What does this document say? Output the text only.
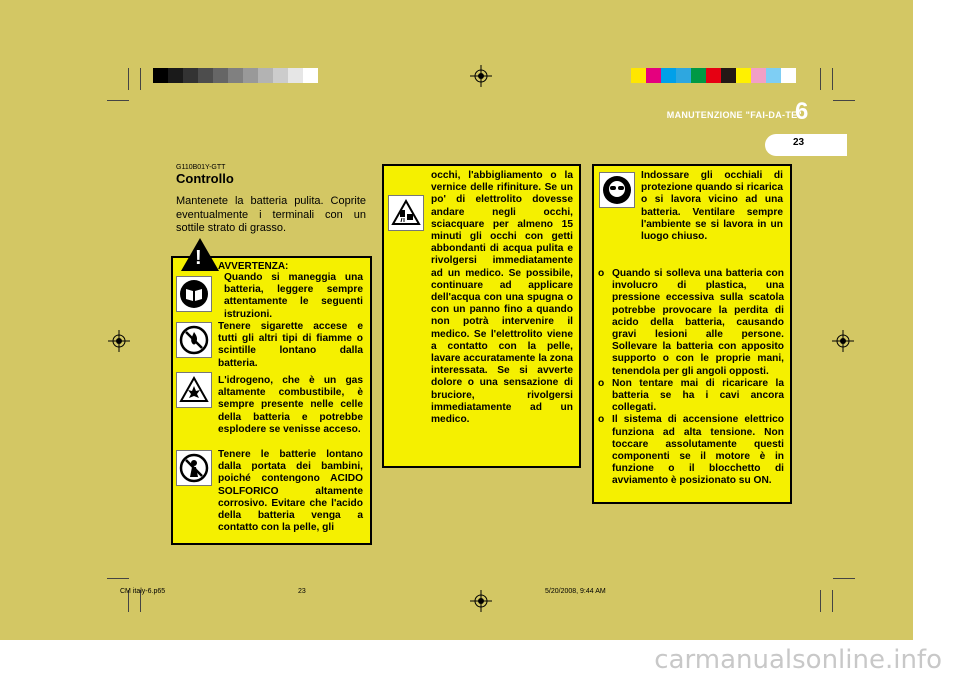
MANUTENZIONE "FAI-DA-TE"
6
23
G110B01Y-GTT
Controllo
Mantenete la batteria pulita. Coprite eventualmente i terminali con un sottile strato di grasso.
! AVVERTENZA:
Quando si maneggia una batteria, leggere sempre attentamente le seguenti istruzioni.
Tenere sigarette accese e tutti gli altri tipi di fiamme o scintille lontano dalla batteria.
L'idrogeno, che è un gas altamente combustibile, è sempre presente nelle celle della batteria e potrebbe esplodere se venisse acceso.
Tenere le batterie lontano dalla portata dei bambini, poiché contengono ACIDO SOLFORICO altamente corrosivo. Evitare che l'acido della batteria venga a contatto con la pelle, gli
occhi, l'abbigliamento o la vernice delle rifiniture. Se un po' di elettrolito dovesse andare negli occhi, sciacquare per almeno 15 minuti gli occhi con getti abbondanti di acqua pulita e rivolgersi immediatamente ad un medico. Se possibile, continuare ad applicare dell'acqua con una spugna o con un panno fino a quando non potrà intervenire il medico. Se l'elettrolito viene a contatto con la pelle, lavare accuratamente la zona interessata. Se si avverte dolore o una sensazione di bruciore, rivolgersi immediatamente ad un medico.
Indossare gli occhiali di protezione quando si ricarica o si lavora vicino ad una batteria. Ventilare sempre l'ambiente se si lavora in un luogo chiuso.
o Quando si solleva una batteria con involucro di plastica, una pressione eccessiva sulla scatola potrebbe provocare la perdita di acido della batteria, causando gravi lesioni alle persone. Sollevare la batteria con apposito supporto o con le proprie mani, tenendola per gli angoli opposti.
o Non tentare mai di ricaricare la batteria se ha i cavi ancora collegati.
o Il sistema di accensione elettrico funziona ad alta tensione. Non toccare assolutamente questi componenti se il motore è in funzione o il blocchetto di avviamento è posizionato su ON.
CM italy-6.p65	23	5/20/2008, 9:44 AM
carmanualsonline.info
